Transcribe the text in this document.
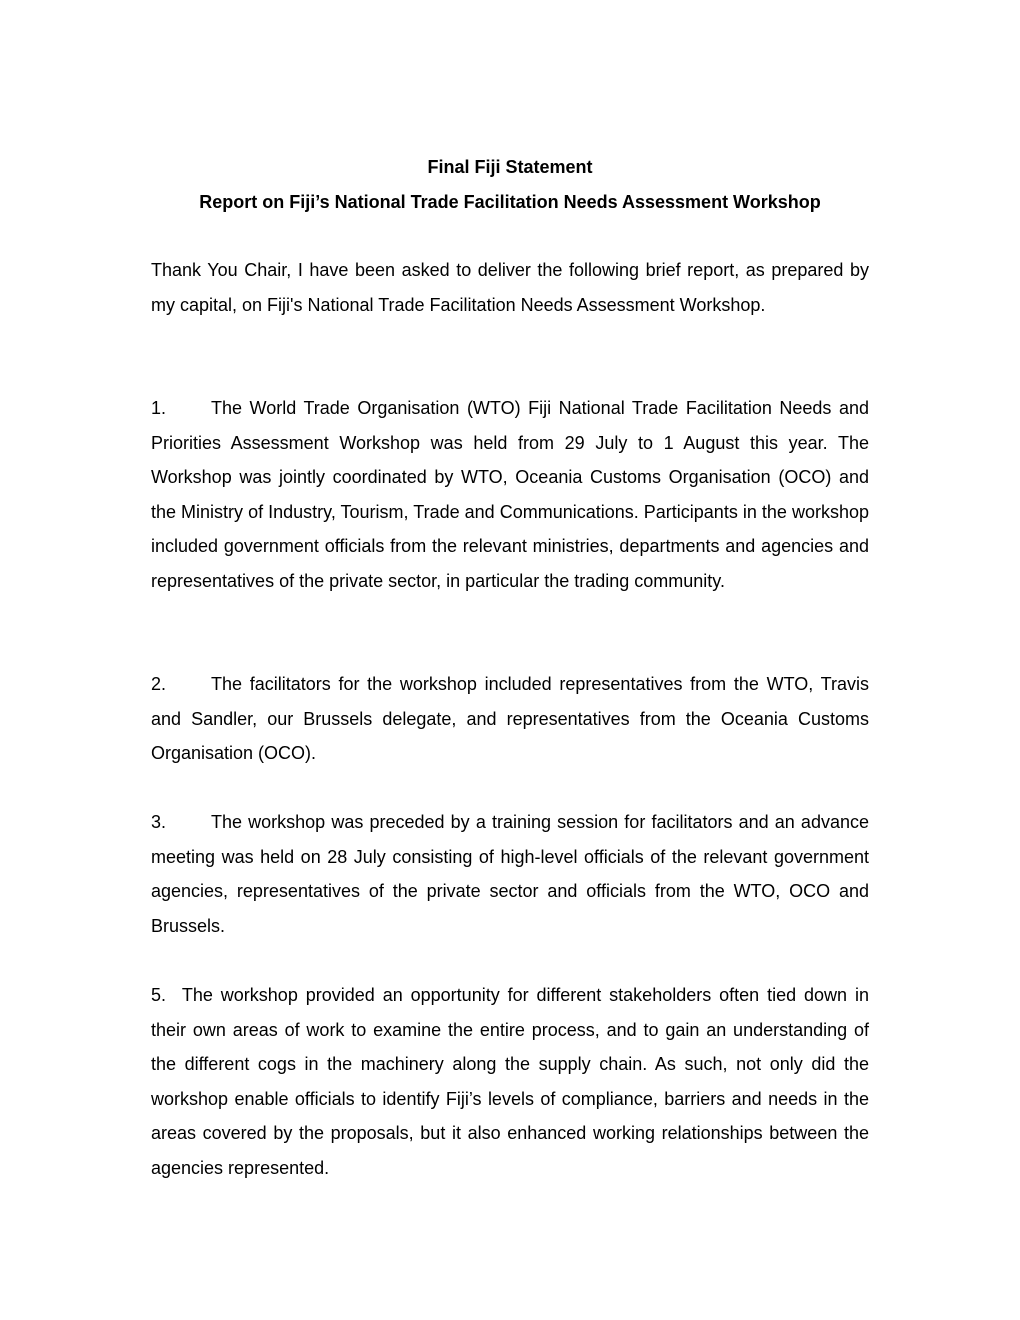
Final Fiji Statement
Report on Fiji’s National Trade Facilitation Needs Assessment Workshop

Thank You Chair, I have been asked to deliver the following brief report, as prepared by my capital, on Fiji's National Trade Facilitation Needs Assessment Workshop.

1. The World Trade Organisation (WTO) Fiji National Trade Facilitation Needs and Priorities Assessment Workshop was held from 29 July to 1 August this year. The Workshop was jointly coordinated by WTO, Oceania Customs Organisation (OCO) and the Ministry of Industry, Tourism, Trade and Communications. Participants in the workshop included government officials from the relevant ministries, departments and agencies and representatives of the private sector, in particular the trading community.

2. The facilitators for the workshop included representatives from the WTO, Travis and Sandler, our Brussels delegate, and representatives from the Oceania Customs Organisation (OCO).

3. The workshop was preceded by a training session for facilitators and an advance meeting was held on 28 July consisting of high-level officials of the relevant government agencies, representatives of the private sector and officials from the WTO, OCO and Brussels.

5. The workshop provided an opportunity for different stakeholders often tied down in their own areas of work to examine the entire process, and to gain an understanding of the different cogs in the machinery along the supply chain. As such, not only did the workshop enable officials to identify Fiji’s levels of compliance, barriers and needs in the areas covered by the proposals, but it also enhanced working relationships between the agencies represented.
